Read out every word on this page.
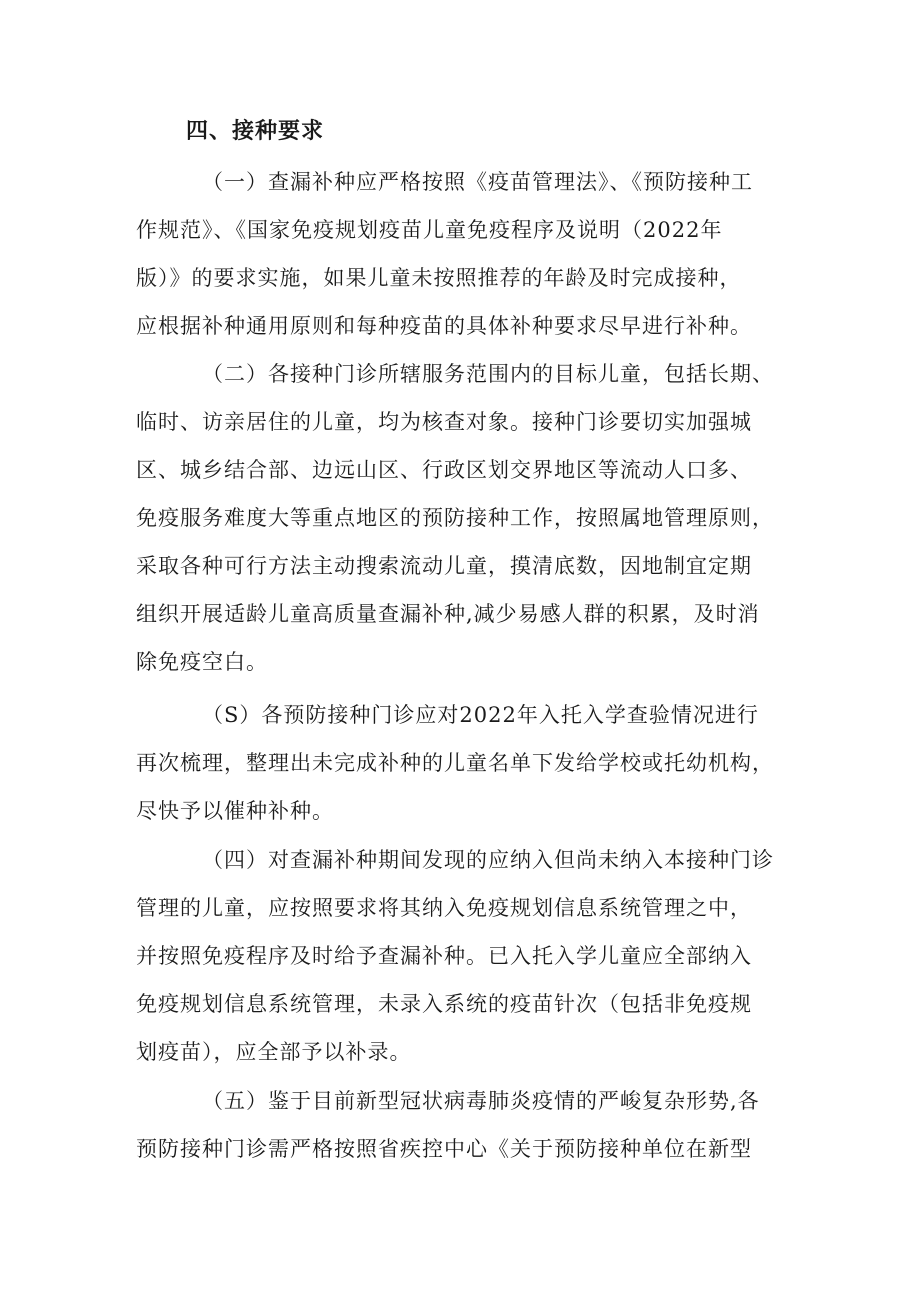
四、接种要求
（一）查漏补种应严格按照《疫苗管理法》、《预防接种工
作规范》、《国家免疫规划疫苗儿童免疫程序及说明（2022年
版）》的要求实施，如果儿童未按照推荐的年龄及时完成接种，
应根据补种通用原则和每种疫苗的具体补种要求尽早进行补种。
（二）各接种门诊所辖服务范围内的目标儿童，包括长期、
临时、访亲居住的儿童，均为核查对象。接种门诊要切实加强城
区、城乡结合部、边远山区、行政区划交界地区等流动人口多、
免疫服务难度大等重点地区的预防接种工作，按照属地管理原则，
采取各种可行方法主动搜索流动儿童，摸清底数，因地制宜定期
组织开展适龄儿童高质量查漏补种,减少易感人群的积累，及时消
除免疫空白。
（S）各预防接种门诊应对2022年入托入学查验情况进行
再次梳理，整理出未完成补种的儿童名单下发给学校或托幼机构，
尽快予以催种补种。
（四）对查漏补种期间发现的应纳入但尚未纳入本接种门诊
管理的儿童，应按照要求将其纳入免疫规划信息系统管理之中，
并按照免疫程序及时给予查漏补种。已入托入学儿童应全部纳入
免疫规划信息系统管理，未录入系统的疫苗针次（包括非免疫规
划疫苗），应全部予以补录。
（五）鉴于目前新型冠状病毒肺炎疫情的严峻复杂形势,各
预防接种门诊需严格按照省疾控中心《关于预防接种单位在新型
